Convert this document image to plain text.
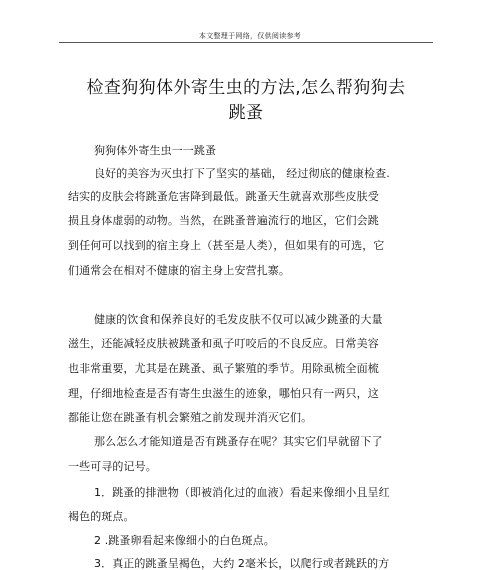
本文整理于网络，仅供阅读参考
检查狗狗体外寄生虫的方法,怎么帮狗狗去
跳蚤
狗狗体外寄生虫一一跳蚤
良好的美容为灭虫打下了坚实的基础， 经过彻底的健康检查.
结实的皮肤会将跳蚤危害降到最低。跳蚤天生就喜欢那些皮肤受
损且身体虚弱的动物。当然，在跳蚤普遍流行的地区，它们会跳
到任何可以找到的宿主身上（甚至是人类），但如果有的可选，它
们通常会在相对不健康的宿主身上安营扎寨。
健康的饮食和保养良好的毛发皮肤不仅可以减少跳蚤的大量
滋生，还能减轻皮肤被跳蚤和虱子叮咬后的不良反应。日常美容
也非常重要，尤其是在跳蚤、虱子繁殖的季节。用除虱梳全面梳
理，仔细地检查是否有寄生虫滋生的迹象，哪怕只有一两只，这
都能让您在跳蚤有机会繁殖之前发现并消灭它们。
那么怎么才能知道是否有跳蚤存在呢？其实它们早就留下了
一些可寻的记号。
1．跳蚤的排泄物（即被消化过的血液）看起来像细小且呈红
褐色的斑点。
2 .跳蚤卵看起来像细小的白色斑点。
3．真正的跳蚤呈褐色，大约 2毫米长，以爬行或者跳跃的方
